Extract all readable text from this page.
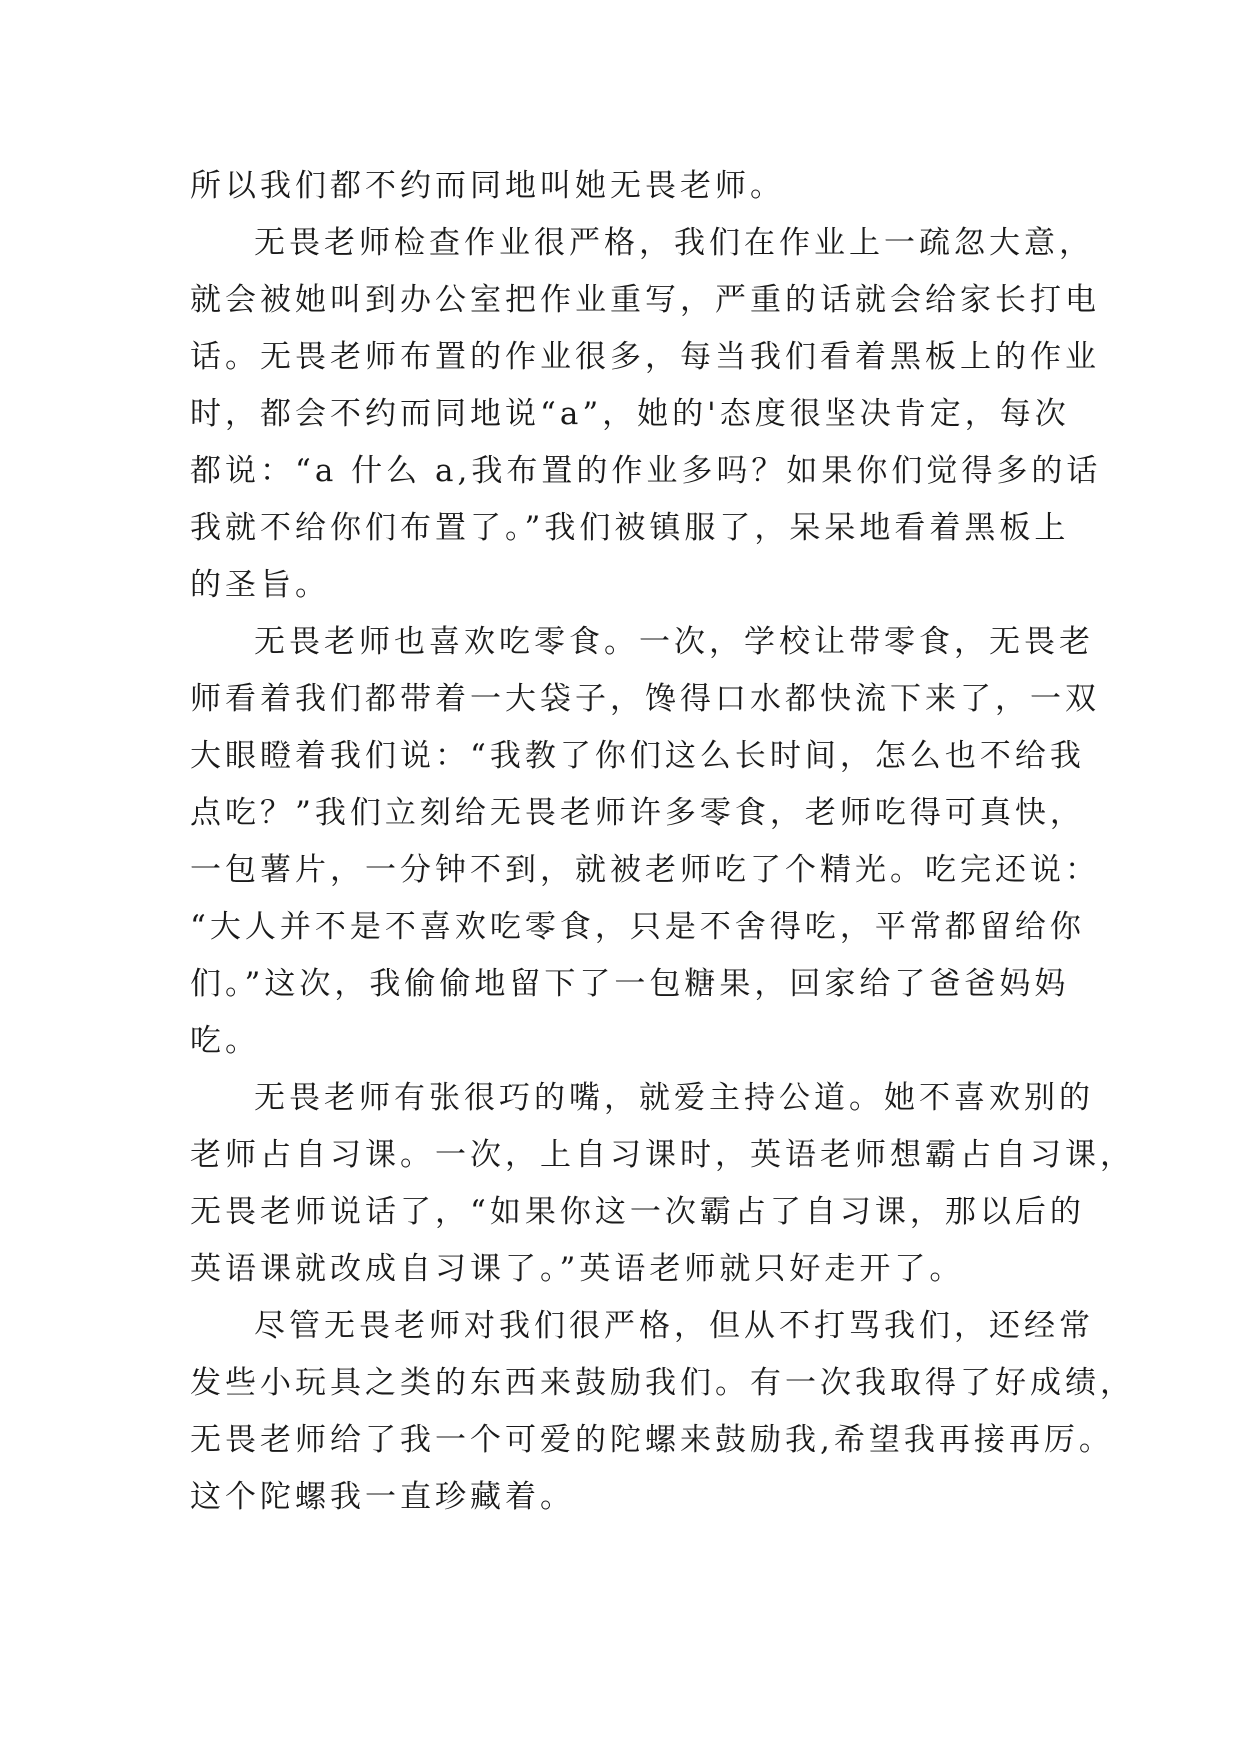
所以我们都不约而同地叫她无畏老师。
无畏老师检查作业很严格，我们在作业上一疏忽大意，
就会被她叫到办公室把作业重写，严重的话就会给家长打电
话。无畏老师布置的作业很多，每当我们看着黑板上的作业
时，都会不约而同地说“a”，她的'态度很坚决肯定，每次
都说：“a 什么 a,我布置的作业多吗？如果你们觉得多的话
我就不给你们布置了。”我们被镇服了，呆呆地看着黑板上
的圣旨。
无畏老师也喜欢吃零食。一次，学校让带零食，无畏老
师看着我们都带着一大袋子，馋得口水都快流下来了，一双
大眼瞪着我们说：“我教了你们这么长时间，怎么也不给我
点吃？”我们立刻给无畏老师许多零食，老师吃得可真快，
一包薯片，一分钟不到，就被老师吃了个精光。吃完还说：
“大人并不是不喜欢吃零食，只是不舍得吃，平常都留给你
们。”这次，我偷偷地留下了一包糖果，回家给了爸爸妈妈
吃。
无畏老师有张很巧的嘴，就爱主持公道。她不喜欢别的
老师占自习课。一次，上自习课时，英语老师想霸占自习课，
无畏老师说话了，“如果你这一次霸占了自习课，那以后的
英语课就改成自习课了。”英语老师就只好走开了。
尽管无畏老师对我们很严格，但从不打骂我们，还经常
发些小玩具之类的东西来鼓励我们。有一次我取得了好成绩，
无畏老师给了我一个可爱的陀螺来鼓励我,希望我再接再厉。
这个陀螺我一直珍藏着。
